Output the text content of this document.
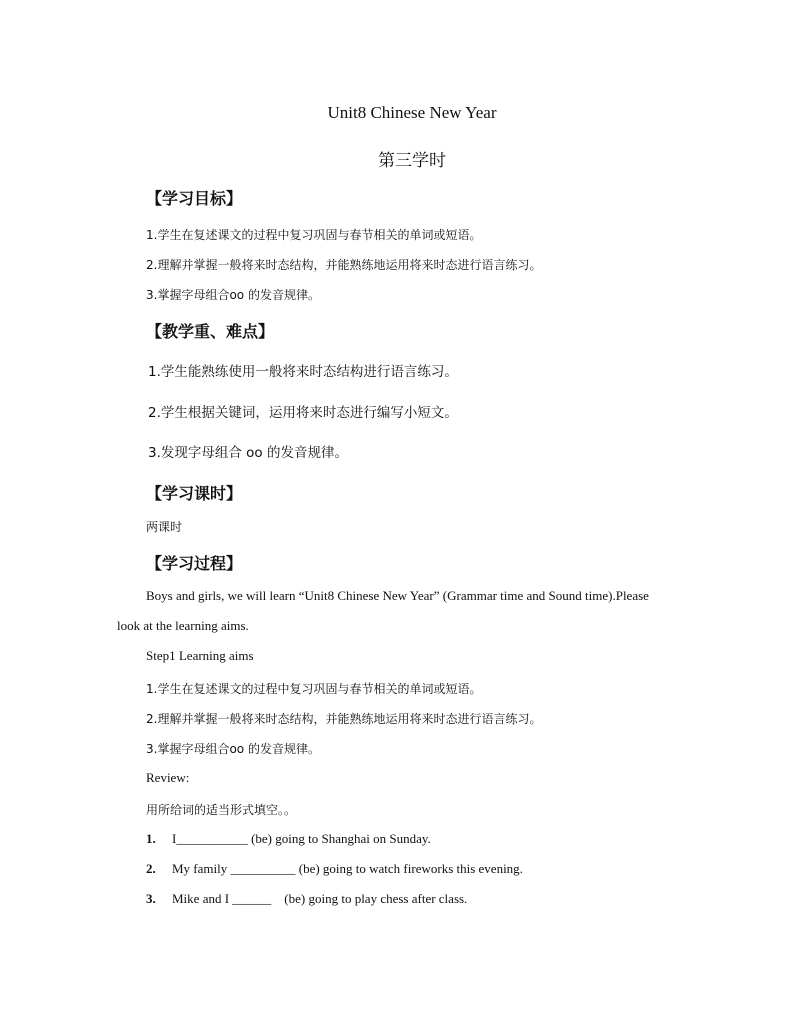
Unit8 Chinese New Year
第三学时
【学习目标】
1.学生在复述课文的过程中复习巩固与春节相关的单词或短语。
2.理解并掌握一般将来时态结构，并能熟练地运用将来时态进行语言练习。
3.掌握字母组合oo 的发音规律。
【教学重、难点】
1.学生能熟练使用一般将来时态结构进行语言练习。
2.学生根据关键词，运用将来时态进行编写小短文。
3.发现字母组合 oo 的发音规律。
【学习课时】
两课时
【学习过程】
Boys and girls, we will learn “Unit8 Chinese New Year” (Grammar time and Sound time).Please
look at the learning aims.
Step1 Learning aims
1.学生在复述课文的过程中复习巩固与春节相关的单词或短语。
2.理解并掌握一般将来时态结构，并能熟练地运用将来时态进行语言练习。
3.掌握字母组合oo 的发音规律。
Review:
用所给词的适当形式填空。。
1. I___________ (be) going to Shanghai on Sunday.
2. My family __________ (be) going to watch fireworks this evening.
3. Mike and I ______    (be) going to play chess after class.
